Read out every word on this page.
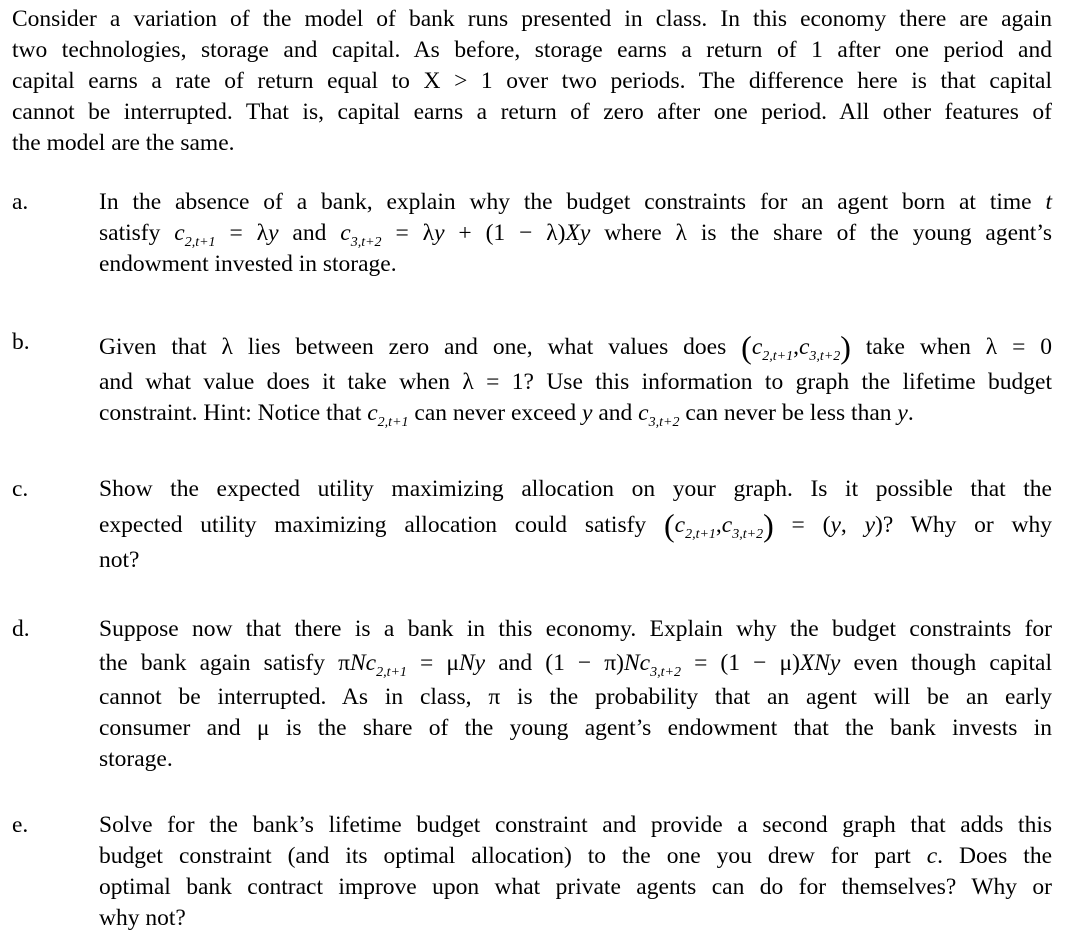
Consider a variation of the model of bank runs presented in class. In this economy there are again
two technologies, storage and capital. As before, storage earns a return of 1 after one period and
capital earns a rate of return equal to X > 1 over two periods. The difference here is that capital
cannot be interrupted. That is, capital earns a return of zero after one period. All other features of
the model are the same.
a.	In the absence of a bank, explain why the budget constraints for an agent born at time t
satisfy $c_{2,t+1} = \lambda y$ and $c_{3,t+2} = \lambda y + (1 - \lambda)Xy$ where λ is the share of the young agent’s
endowment invested in storage.
b.	Given that λ lies between zero and one, what values does $(c_{2,t+1},c_{3,t+2})$ take when λ = 0
and what value does it take when λ = 1? Use this information to graph the lifetime budget
constraint. Hint: Notice that $c_{2,t+1}$ can never exceed y and $c_{3,t+2}$ can never be less than y.
c.	Show the expected utility maximizing allocation on your graph. Is it possible that the
expected utility maximizing allocation could satisfy $(c_{2,t+1},c_{3,t+2}) = (y$, y)? Why or why
not?
d.	Suppose now that there is a bank in this economy. Explain why the budget constraints for
the bank again satisfy πNc$_{2,t+1}$ = μNy and $(1 - \pi)Nc_{3,t+2} = (1 - \mu)XNy$ even though capital
cannot be interrupted. As in class, π is the probability that an agent will be an early
consumer and μ is the share of the young agent’s endowment that the bank invests in
storage.
e.	Solve for the bank’s lifetime budget constraint and provide a second graph that adds this
budget constraint (and its optimal allocation) to the one you drew for part c. Does the
optimal bank contract improve upon what private agents can do for themselves? Why or
why not?
